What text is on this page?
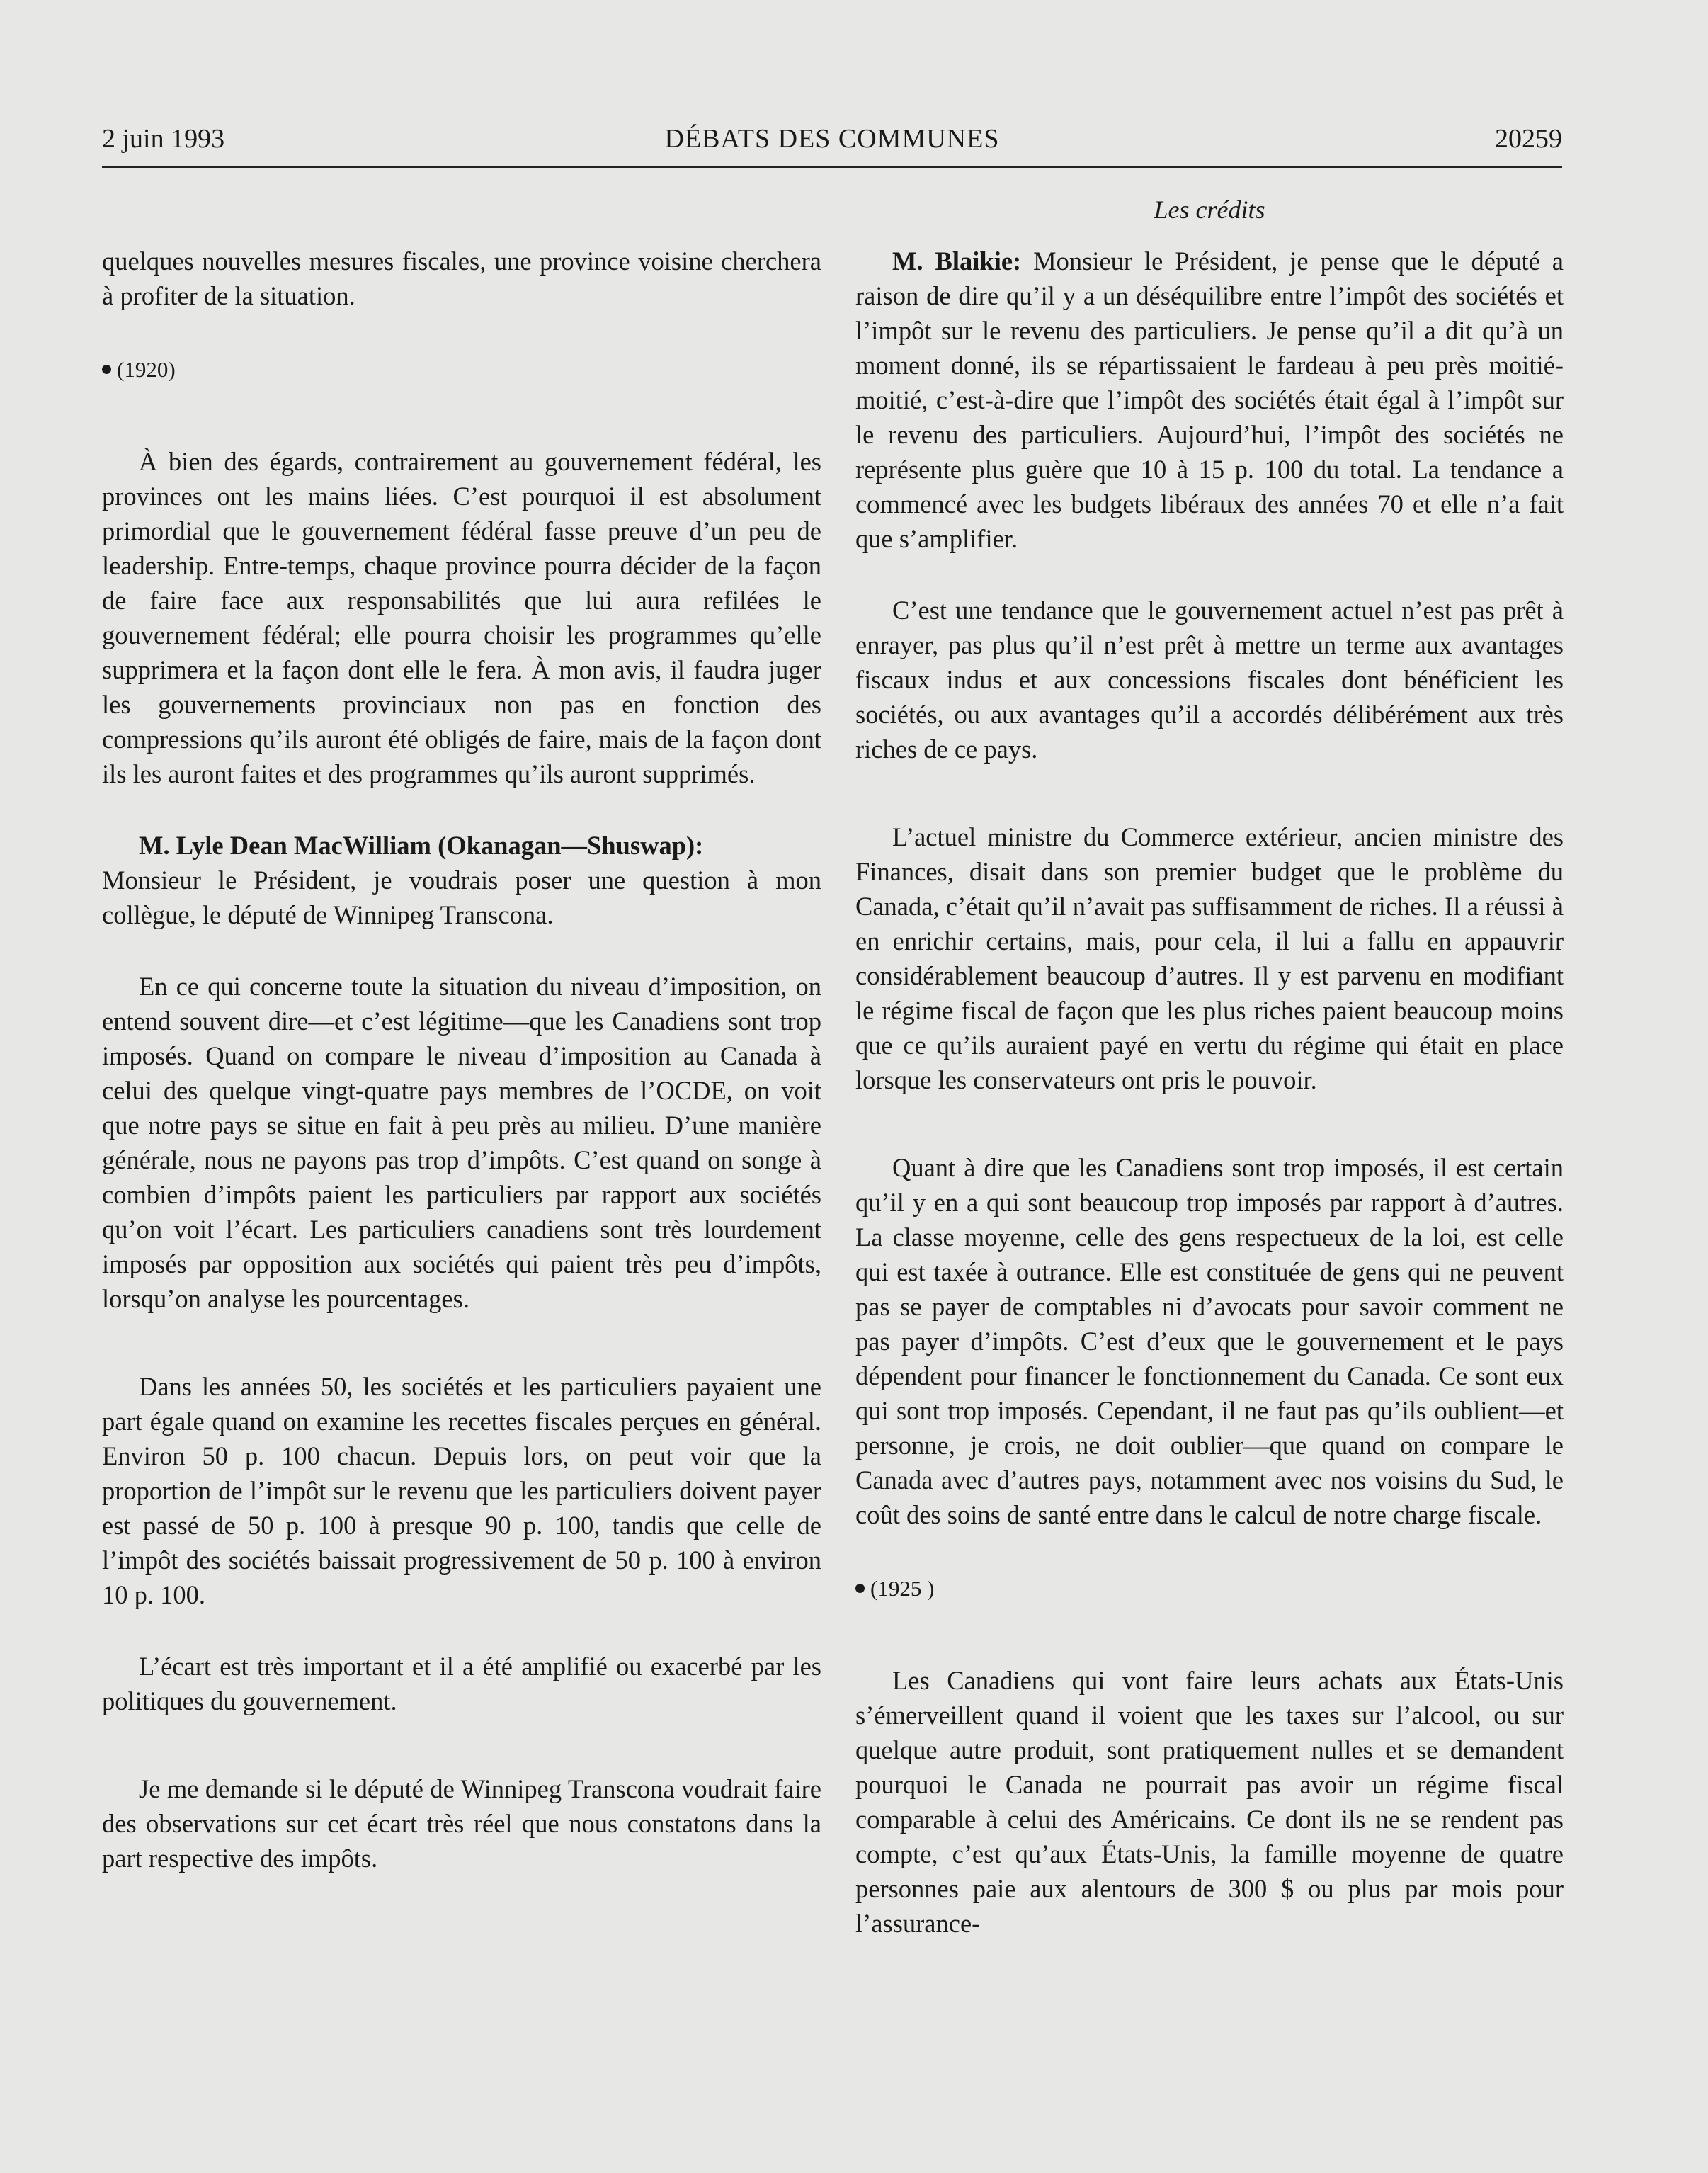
2 juin 1993	DÉBATS DES COMMUNES	20259
Les crédits

quelques nouvelles mesures fiscales, une province voisine cherchera à profiter de la situation.

(1920)

À bien des égards, contrairement au gouvernement fédéral, les provinces ont les mains liées. C’est pourquoi il est absolument primordial que le gouvernement fédéral fasse preuve d’un peu de leadership. Entre-temps, chaque province pourra décider de la façon de faire face aux responsabilités que lui aura refilées le gouvernement fédéral; elle pourra choisir les programmes qu’elle supprimera et la façon dont elle le fera. À mon avis, il faudra juger les gouvernements provinciaux non pas en fonction des compressions qu’ils auront été obligés de faire, mais de la façon dont ils les auront faites et des programmes qu’ils auront supprimés.

M. Lyle Dean MacWilliam (Okanagan—Shuswap):

Monsieur le Président, je voudrais poser une question à mon collègue, le député de Winnipeg Transcona.

En ce qui concerne toute la situation du niveau d’imposition, on entend souvent dire—et c’est légitime—que les Canadiens sont trop imposés. Quand on compare le niveau d’imposition au Canada à celui des quelque vingt-quatre pays membres de l’OCDE, on voit que notre pays se situe en fait à peu près au milieu. D’une manière générale, nous ne payons pas trop d’impôts. C’est quand on songe à combien d’impôts paient les particuliers par rapport aux sociétés qu’on voit l’écart. Les particuliers canadiens sont très lourdement imposés par opposition aux sociétés qui paient très peu d’impôts, lorsqu’on analyse les pourcentages.

Dans les années 50, les sociétés et les particuliers payaient une part égale quand on examine les recettes fiscales perçues en général. Environ 50 p. 100 chacun. Depuis lors, on peut voir que la proportion de l’impôt sur le revenu que les particuliers doivent payer est passé de 50 p. 100 à presque 90 p. 100, tandis que celle de l’impôt des sociétés baissait progressivement de 50 p. 100 à environ 10 p. 100.

L’écart est très important et il a été amplifié ou exacerbé par les politiques du gouvernement.

Je me demande si le député de Winnipeg Transcona voudrait faire des observations sur cet écart très réel que nous constatons dans la part respective des impôts.

M. Blaikie: Monsieur le Président, je pense que le député a raison de dire qu’il y a un déséquilibre entre l’impôt des sociétés et l’impôt sur le revenu des particuliers. Je pense qu’il a dit qu’à un moment donné, ils se répartissaient le fardeau à peu près moitié-moitié, c’est-à-dire que l’impôt des sociétés était égal à l’impôt sur le revenu des particuliers. Aujourd’hui, l’impôt des sociétés ne représente plus guère que 10 à 15 p. 100 du total. La tendance a commencé avec les budgets libéraux des années 70 et elle n’a fait que s’amplifier.

C’est une tendance que le gouvernement actuel n’est pas prêt à enrayer, pas plus qu’il n’est prêt à mettre un terme aux avantages fiscaux indus et aux concessions fiscales dont bénéficient les sociétés, ou aux avantages qu’il a accordés délibérément aux très riches de ce pays.

L’actuel ministre du Commerce extérieur, ancien ministre des Finances, disait dans son premier budget que le problème du Canada, c’était qu’il n’avait pas suffisamment de riches. Il a réussi à en enrichir certains, mais, pour cela, il lui a fallu en appauvrir considérablement beaucoup d’autres. Il y est parvenu en modifiant le régime fiscal de façon que les plus riches paient beaucoup moins que ce qu’ils auraient payé en vertu du régime qui était en place lorsque les conservateurs ont pris le pouvoir.

Quant à dire que les Canadiens sont trop imposés, il est certain qu’il y en a qui sont beaucoup trop imposés par rapport à d’autres. La classe moyenne, celle des gens respectueux de la loi, est celle qui est taxée à outrance. Elle est constituée de gens qui ne peuvent pas se payer de comptables ni d’avocats pour savoir comment ne pas payer d’impôts. C’est d’eux que le gouvernement et le pays dépendent pour financer le fonctionnement du Canada. Ce sont eux qui sont trop imposés. Cependant, il ne faut pas qu’ils oublient—et personne, je crois, ne doit oublier—que quand on compare le Canada avec d’autres pays, notamment avec nos voisins du Sud, le coût des soins de santé entre dans le calcul de notre charge fiscale.

(1925 )

Les Canadiens qui vont faire leurs achats aux États-Unis s’émerveillent quand il voient que les taxes sur l’alcool, ou sur quelque autre produit, sont pratiquement nulles et se demandent pourquoi le Canada ne pourrait pas avoir un régime fiscal comparable à celui des Américains. Ce dont ils ne se rendent pas compte, c’est qu’aux États-Unis, la famille moyenne de quatre personnes paie aux alentours de 300 $ ou plus par mois pour l’assurance-
